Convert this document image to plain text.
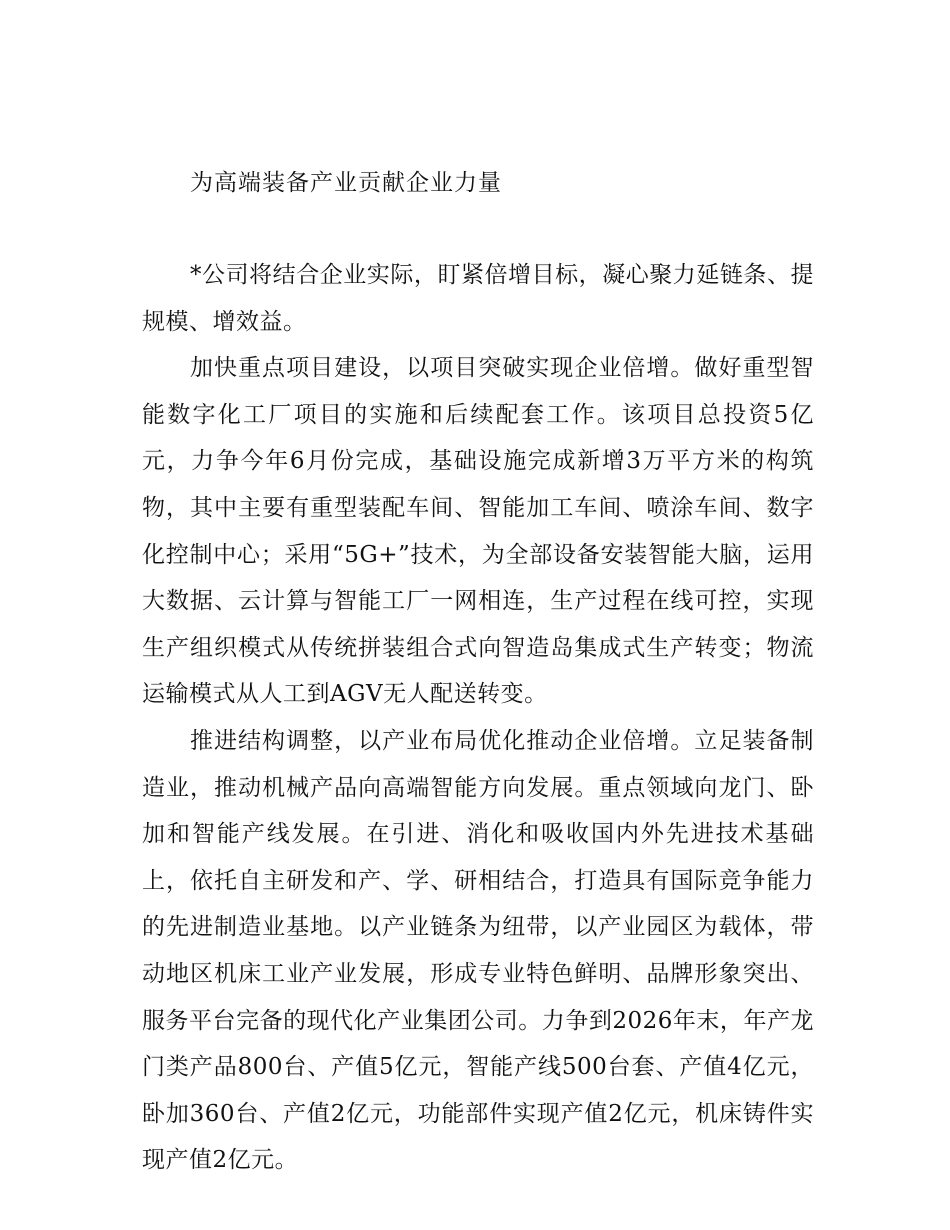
为高端装备产业贡献企业力量

*公司将结合企业实际，盯紧倍增目标，凝心聚力延链条、提规模、增效益。

加快重点项目建设，以项目突破实现企业倍增。做好重型智能数字化工厂项目的实施和后续配套工作。该项目总投资5亿元，力争今年6月份完成，基础设施完成新增3万平方米的构筑物，其中主要有重型装配车间、智能加工车间、喷涂车间、数字化控制中心；采用“5G+”技术，为全部设备安装智能大脑，运用大数据、云计算与智能工厂一网相连，生产过程在线可控，实现生产组织模式从传统拼装组合式向智造岛集成式生产转变；物流运输模式从人工到AGV无人配送转变。

推进结构调整，以产业布局优化推动企业倍增。立足装备制造业，推动机械产品向高端智能方向发展。重点领域向龙门、卧加和智能产线发展。在引进、消化和吸收国内外先进技术基础上，依托自主研发和产、学、研相结合，打造具有国际竞争能力的先进制造业基地。以产业链条为纽带，以产业园区为载体，带动地区机床工业产业发展，形成专业特色鲜明、品牌形象突出、服务平台完备的现代化产业集团公司。力争到2026年末，年产龙门类产品800台、产值5亿元，智能产线500台套、产值4亿元，卧加360台、产值2亿元，功能部件实现产值2亿元，机床铸件实现产值2亿元。
